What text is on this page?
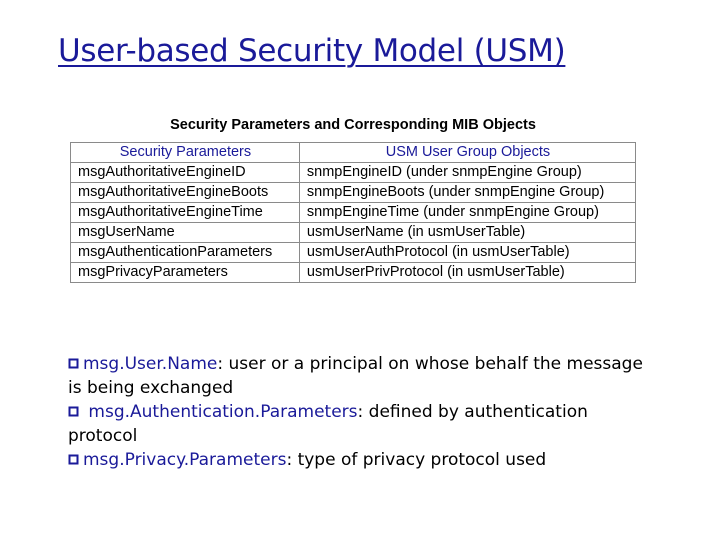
User-based Security Model (USM)
Security Parameters and Corresponding MIB Objects
Security Parameters	USM User Group Objects
msgAuthoritativeEngineID	snmpEngineID (under snmpEngine Group)
msgAuthoritativeEngineBoots	snmpEngineBoots (under snmpEngine Group)
msgAuthoritativeEngineTime	snmpEngineTime (under snmpEngine Group)
msgUserName	usmUserName (in usmUserTable)
msgAuthenticationParameters	usmUserAuthProtocol (in usmUserTable)
msgPrivacyParameters	usmUserPrivProtocol (in usmUserTable)
msg.User.Name: user or a principal on whose behalf the message is being exchanged
msg.Authentication.Parameters: defined by authentication protocol
msg.Privacy.Parameters: type of privacy protocol used
